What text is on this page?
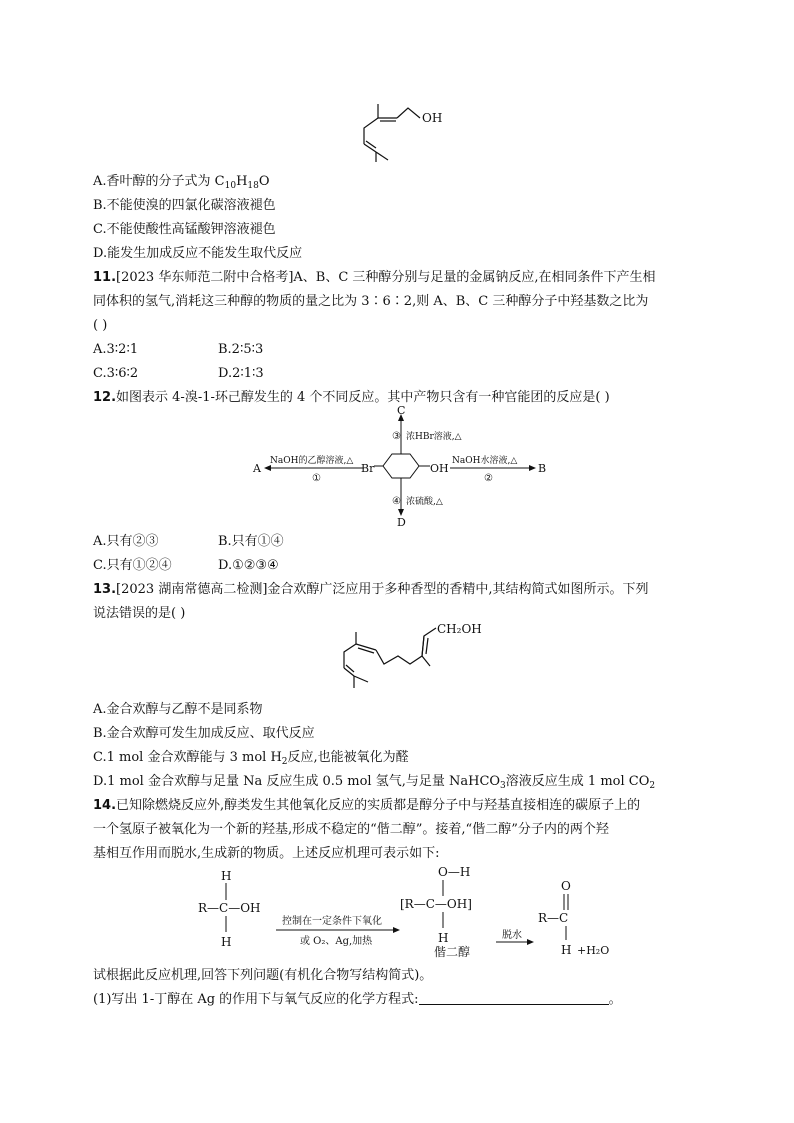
OH
A.香叶醇的分子式为 $C_{10}H_{18}O$
B.不能使溴的四氯化碳溶液褪色
C.不能使酸性高锰酸钾溶液褪色
D.能发生加成反应不能发生取代反应
11.[2023 华东师范二附中合格考]A、B、C 三种醇分别与足量的金属钠反应,在相同条件下产生相
同体积的氢气,消耗这三种醇的物质的量之比为 3∶6∶2,则 A、B、C 三种醇分子中羟基数之比为
( )
A.3∶2∶1	B.2∶5∶3
C.3∶6∶2	D.2∶1∶3
12.如图表示 4-溴-1-环己醇发生的 4 个不同反应。其中产物只含有一种官能团的反应是( )
C
D
A	B
Br	OH
NaOH的乙醇溶液,△
①
NaOH水溶液,△
②
③ 浓HBr溶液,△
④ 浓硫酸,△
A.只有②③	B.只有①④
C.只有①②④	D.①②③④
13.[2023 湖南常德高二检测]金合欢醇广泛应用于多种香型的香精中,其结构简式如图所示。下列
说法错误的是( )
CH₂OH
A.金合欢醇与乙醇不是同系物
B.金合欢醇可发生加成反应、取代反应
C.1 mol 金合欢醇能与 3 mol $H_2$反应,也能被氧化为醛
D.1 mol 金合欢醇与足量 Na 反应生成 0.5 mol 氢气,与足量 NaHCO$_3$溶液反应生成 1 mol $CO_2$
14.已知除燃烧反应外,醇类发生其他氧化反应的实质都是醇分子中与羟基直接相连的碳原子上的
一个氢原子被氧化为一个新的羟基,形成不稳定的“偕二醇”。接着,“偕二醇”分子内的两个羟
基相互作用而脱水,生成新的物质。上述反应机理可表示如下:
H
R—C—OH
H
控制在一定条件下氧化
或 O₂、Ag,加热
O—H
[R—C—OH]
H
偕二醇
脱水
O
R—C
H +H₂O
试根据此反应机理,回答下列问题(有机化合物写结构简式)。
(1)写出 1-丁醇在 Ag 的作用下与氧气反应的化学方程式:	。
